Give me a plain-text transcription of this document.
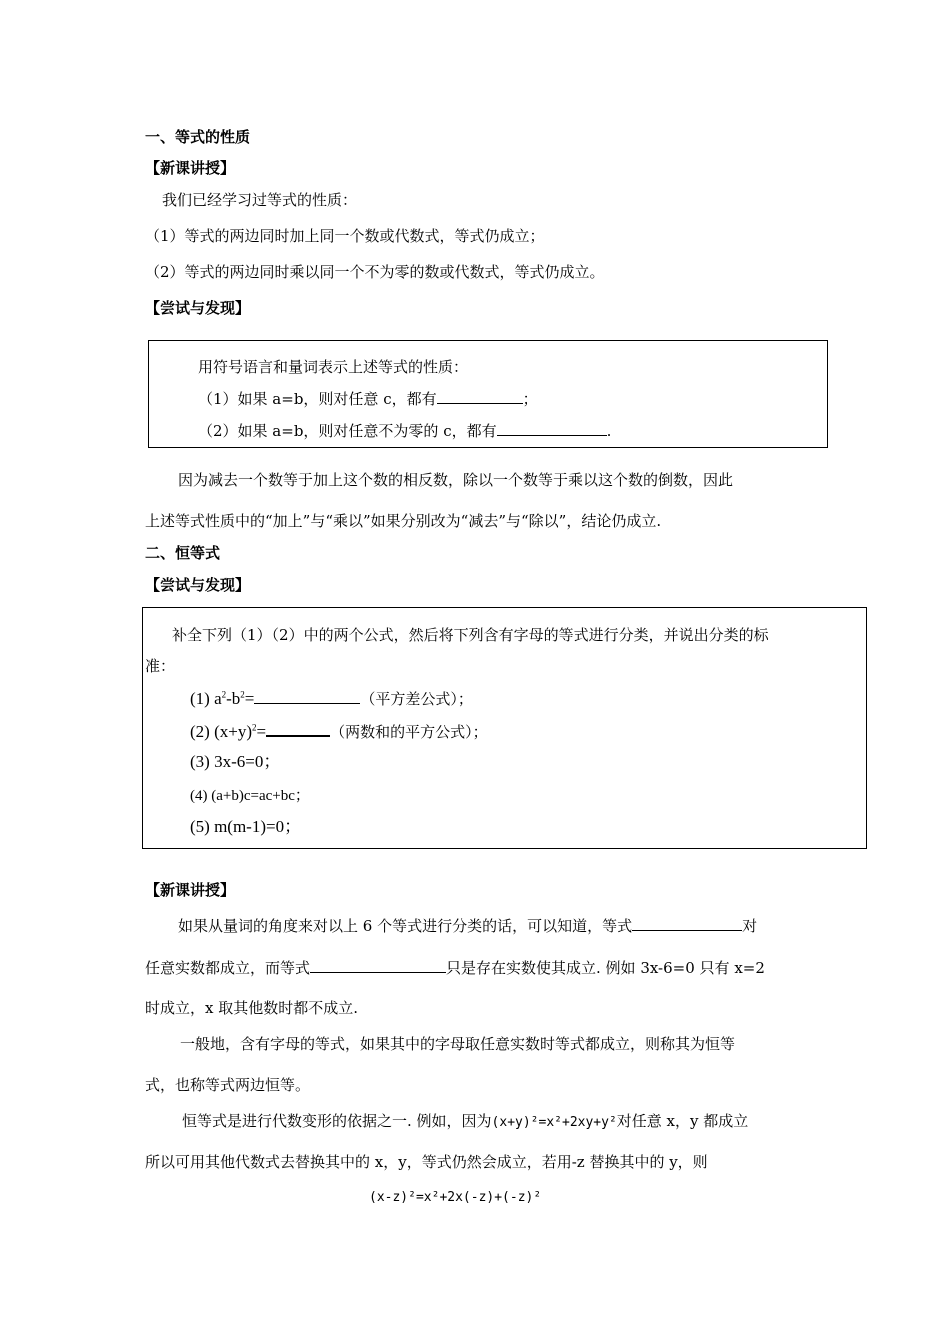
一、等式的性质
【新课讲授】
我们已经学习过等式的性质：
（1）等式的两边同时加上同一个数或代数式，等式仍成立；
（2）等式的两边同时乘以同一个不为零的数或代数式，等式仍成立。
【尝试与发现】
用符号语言和量词表示上述等式的性质：
（1）如果 a=b，则对任意 c，都有	；
（2）如果 a=b，则对任意不为零的 c，都有	.
因为减去一个数等于加上这个数的相反数，除以一个数等于乘以这个数的倒数，因此
上述等式性质中的“加上”与“乘以”如果分别改为“减去”与“除以”，结论仍成立.
二、恒等式
【尝试与发现】
补全下列（1）（2）中的两个公式，然后将下列含有字母的等式进行分类，并说出分类的标
准：
(1) $a^2-b^2=$	（平方差公式）；
(2) $(x+y)^2=$	（两数和的平方公式）；
(3) 3x-6=0；
(4) (a+b)c=ac+bc；
(5) m(m-1)=0；
【新课讲授】
如果从量词的角度来对以上 6 个等式进行分类的话，可以知道，等式	对
任意实数都成立，而等式	只是存在实数使其成立. 例如 3x-6=0 只有 x=2
时成立，x 取其他数时都不成立.
一般地，含有字母的等式，如果其中的字母取任意实数时等式都成立，则称其为恒等
式，也称等式两边恒等。
恒等式是进行代数变形的依据之一. 例如，因为(x+y)²=x²+2xy+y²对任意 x，y 都成立
所以可用其他代数式去替换其中的 x，y，等式仍然会成立，若用-z 替换其中的 y，则
(x-z)²=x²+2x(-z)+(-z)²
